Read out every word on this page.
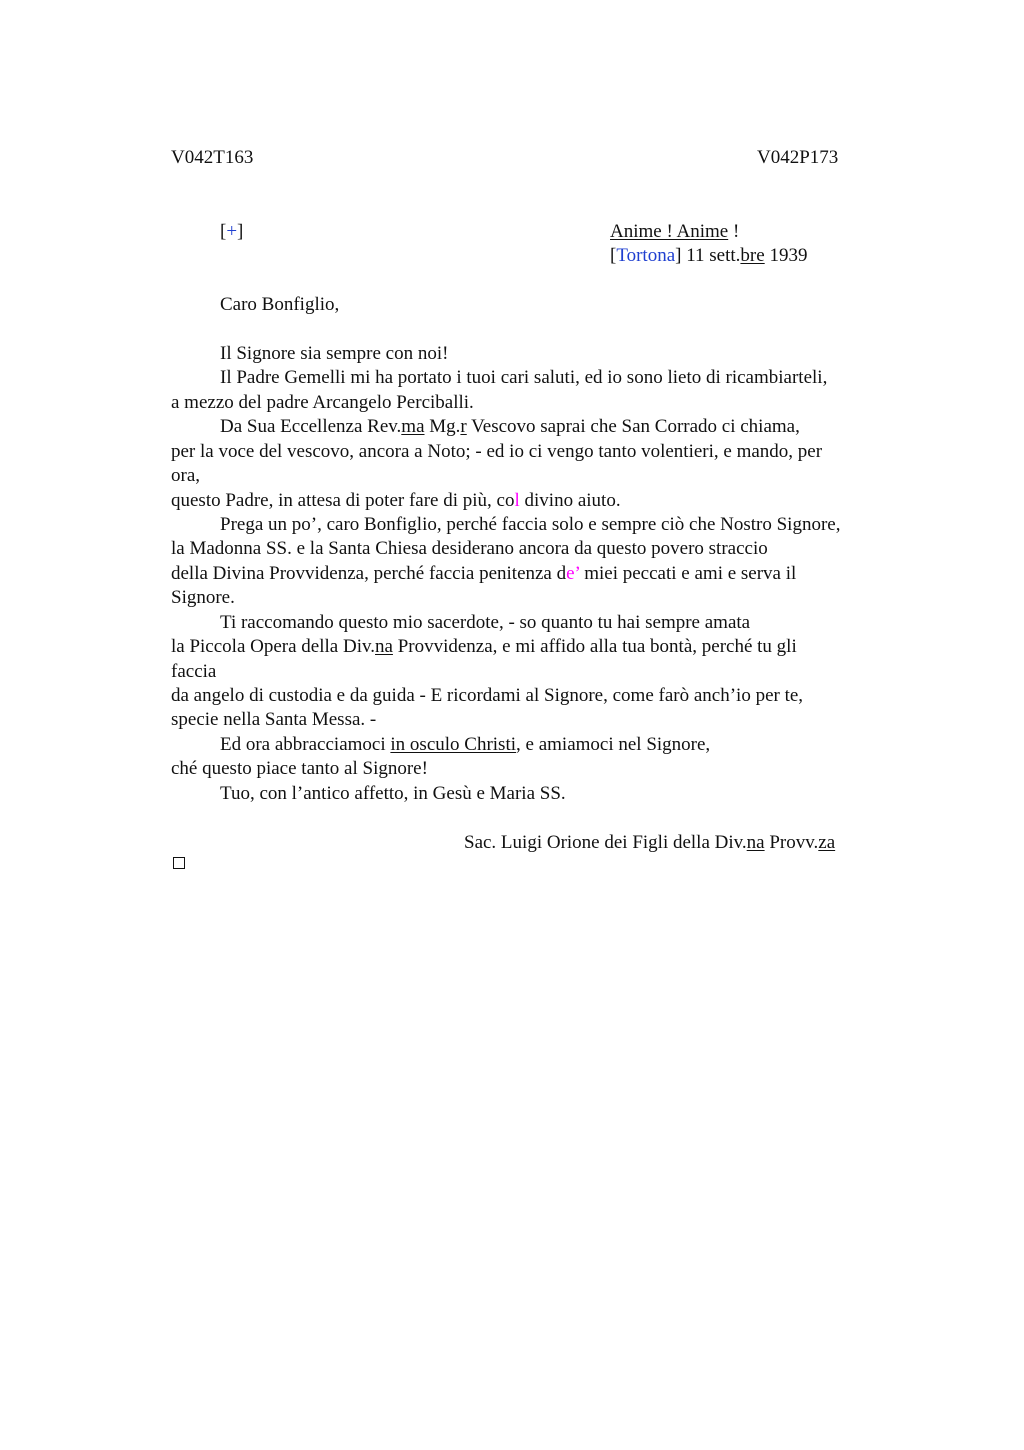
V042T163	V042P173
[+]	Anime ! Anime !
[Tortona] 11 sett.bre 1939
Caro Bonfiglio,
Il Signore sia sempre con noi!
Il Padre Gemelli mi ha portato i tuoi cari saluti, ed io sono lieto di ricambiarteli,
a mezzo del padre Arcangelo Perciballi.
Da Sua Eccellenza Rev.ma Mg.r Vescovo saprai che San Corrado ci chiama,
per la voce del vescovo, ancora a Noto; - ed io ci vengo tanto volentieri, e mando, per
ora,
questo Padre, in attesa di poter fare di più, col divino aiuto.
Prega un po’, caro Bonfiglio, perché faccia solo e sempre ciò che Nostro Signore,
la Madonna SS. e la Santa Chiesa desiderano ancora da questo povero straccio
della Divina Provvidenza, perché faccia penitenza de’ miei peccati e ami e serva il
Signore.
Ti raccomando questo mio sacerdote, - so quanto tu hai sempre amata
la Piccola Opera della Div.na Provvidenza, e mi affido alla tua bontà, perché tu gli
faccia
da angelo di custodia e da guida - E ricordami al Signore, come farò anch’io per te,
specie nella Santa Messa. -
Ed ora abbracciamoci in osculo Christi, e amiamoci nel Signore,
ché questo piace tanto al Signore!
Tuo, con l’antico affetto, in Gesù e Maria SS.
Sac. Luigi Orione dei Figli della Div.na Provv.za
